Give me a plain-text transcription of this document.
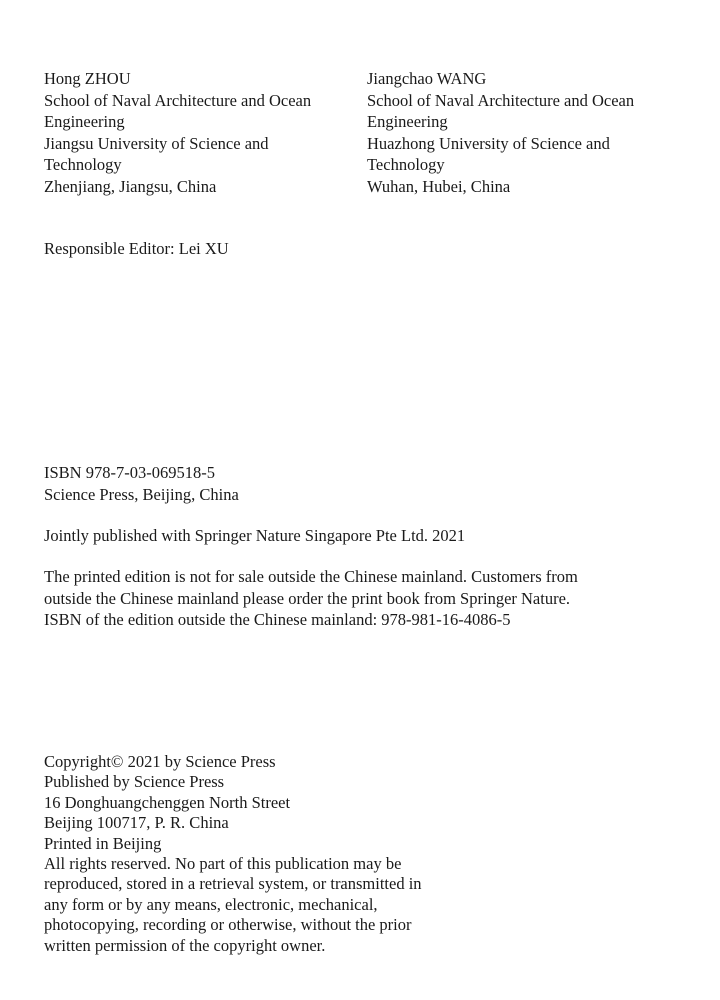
Hong ZHOU
School of Naval Architecture and Ocean
Engineering
Jiangsu University of Science and
Technology
Zhenjiang, Jiangsu, China
Jiangchao WANG
School of Naval Architecture and Ocean
Engineering
Huazhong University of Science and
Technology
Wuhan, Hubei, China
Responsible Editor: Lei XU
ISBN 978-7-03-069518-5
Science Press, Beijing, China
Jointly published with Springer Nature Singapore Pte Ltd. 2021
The printed edition is not for sale outside the Chinese mainland. Customers from
outside the Chinese mainland please order the print book from Springer Nature.
ISBN of the edition outside the Chinese mainland: 978-981-16-4086-5
Copyright© 2021 by Science Press
Published by Science Press
16 Donghuangchenggen North Street
Beijing 100717, P. R. China
Printed in Beijing
All rights reserved. No part of this publication may be
reproduced, stored in a retrieval system, or transmitted in
any form or by any means, electronic, mechanical,
photocopying, recording or otherwise, without the prior
written permission of the copyright owner.
